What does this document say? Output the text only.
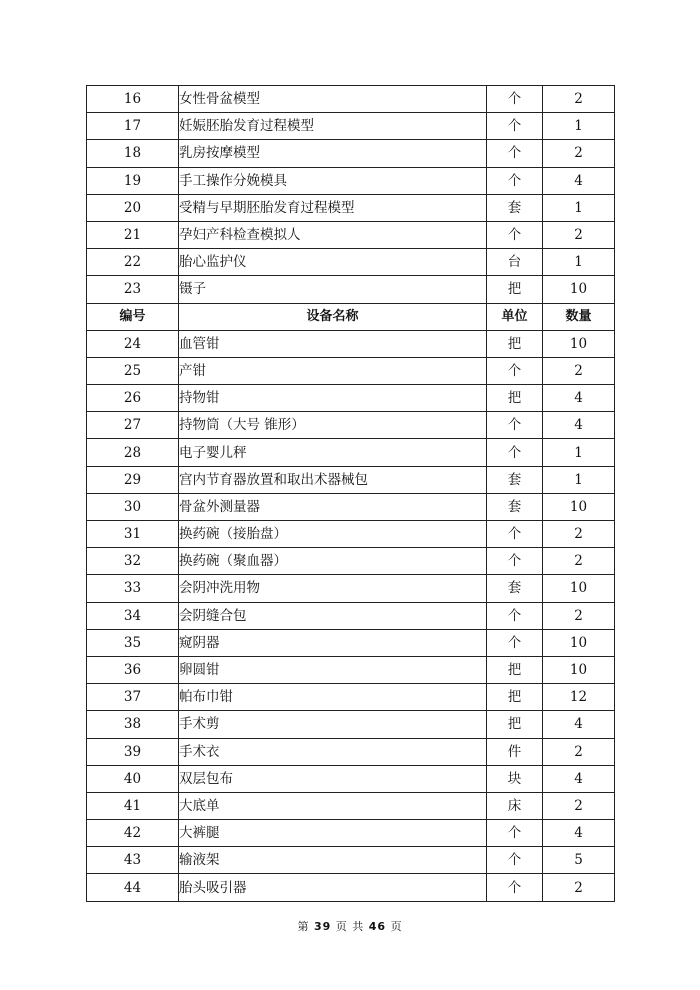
16	女性骨盆模型	个	2
17	妊娠胚胎发育过程模型	个	1
18	乳房按摩模型	个	2
19	手工操作分娩模具	个	4
20	受精与早期胚胎发育过程模型	套	1
21	孕妇产科检查模拟人	个	2
22	胎心监护仪	台	1
23	镊子	把	10
编号	设备名称	单位	数量
24	血管钳	把	10
25	产钳	个	2
26	持物钳	把	4
27	持物筒（大号 锥形）	个	4
28	电子婴儿秤	个	1
29	宫内节育器放置和取出术器械包	套	1
30	骨盆外测量器	套	10
31	换药碗（接胎盘）	个	2
32	换药碗（聚血器）	个	2
33	会阴冲洗用物	套	10
34	会阴缝合包	个	2
35	窥阴器	个	10
36	卵圆钳	把	10
37	帕布巾钳	把	12
38	手术剪	把	4
39	手术衣	件	2
40	双层包布	块	4
41	大底单	床	2
42	大裤腿	个	4
43	输液架	个	5
44	胎头吸引器	个	2
第 39 页 共 46 页
